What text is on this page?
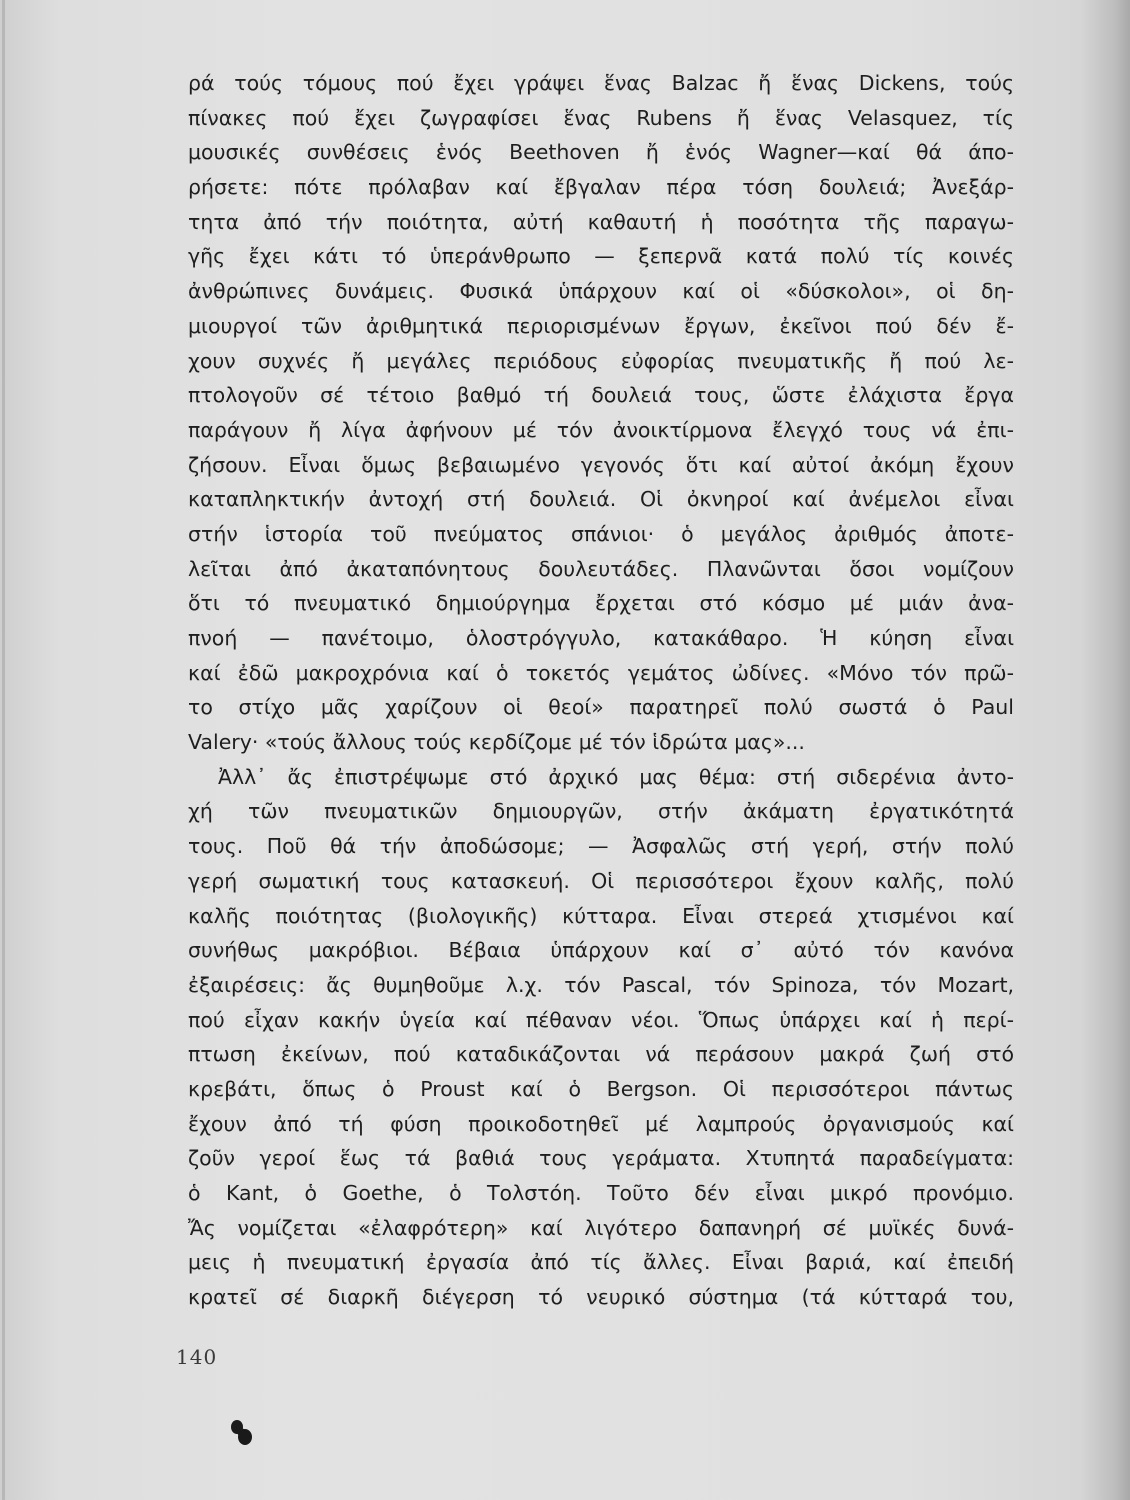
ρά τούς τόμους πού ἔχει γράψει ἕνας Balzac ἤ ἕνας Dickens, τούς
πίνακες πού ἔχει ζωγραφίσει ἕνας Rubens ἤ ἕνας Velasquez, τίς
μουσικές συνθέσεις ἑνός Beethoven ἤ ἑνός Wagner—καί θά άπο-
ρήσετε: πότε πρόλαβαν καί ἔβγαλαν πέρα τόση δουλειά; Ἀνεξάρ-
τητα ἀπό τήν ποιότητα, αὐτή καθαυτή ἡ ποσότητα τῆς παραγω-
γῆς ἔχει κάτι τό ὑπεράνθρωπο — ξεπερνᾶ κατά πολύ τίς κοινές
ἀνθρώπινες δυνάμεις. Φυσικά ὑπάρχουν καί οἱ «δύσκολοι», οἱ δη-
μιουργοί τῶν ἀριθμητικά περιορισμένων ἔργων, ἐκεῖνοι πού δέν ἔ-
χουν συχνές ἤ μεγάλες περιόδους εὐφορίας πνευματικῆς ἤ πού λε-
πτολογοῦν σέ τέτοιο βαθμό τή δουλειά τους, ὥστε ἐλάχιστα ἔργα
παράγουν ἤ λίγα ἀφήνουν μέ τόν ἀνοικτίρμονα ἔλεγχό τους νά ἐπι-
ζήσουν. Εἶναι ὅμως βεβαιωμένο γεγονός ὅτι καί αὐτοί ἀκόμη ἔχουν
καταπληκτικήν ἀντοχή στή δουλειά. Οἱ ὀκνηροί καί ἀνέμελοι εἶναι
στήν ἱστορία τοῦ πνεύματος σπάνιοι· ὁ μεγάλος ἀριθμός ἀποτε-
λεῖται ἀπό ἀκαταπόνητους δουλευτάδες. Πλανῶνται ὅσοι νομίζουν
ὅτι τό πνευματικό δημιούργημα ἔρχεται στό κόσμο μέ μιάν ἀνα-
πνοή — πανέτοιμο, ὁλοστρόγγυλο, κατακάθαρο. Ἡ κύηση εἶναι
καί ἐδῶ μακροχρόνια καί ὁ τοκετός γεμάτος ὠδίνες. «Μόνο τόν πρῶ-
το στίχο μᾶς χαρίζουν οἱ θεοί» παρατηρεῖ πολύ σωστά ὁ Paul
Valery· «τούς ἄλλους τούς κερδίζομε μέ τόν ἱδρώτα μας»...
Ἀλλ᾽ ἄς ἐπιστρέψωμε στό ἀρχικό μας θέμα: στή σιδερένια ἀντο-
χή τῶν πνευματικῶν δημιουργῶν, στήν ἀκάματη ἐργατικότητά
τους. Ποῦ θά τήν ἀποδώσομε; — Ἀσφαλῶς στή γερή, στήν πολύ
γερή σωματική τους κατασκευή. Οἱ περισσότεροι ἔχουν καλῆς, πολύ
καλῆς ποιότητας (βιολογικῆς) κύτταρα. Εἶναι στερεά χτισμένοι καί
συνήθως μακρόβιοι. Βέβαια ὑπάρχουν καί σ᾽ αὐτό τόν κανόνα
ἐξαιρέσεις: ἄς θυμηθοῦμε λ.χ. τόν Pascal, τόν Spinoza, τόν Mozart,
πού εἶχαν κακήν ὑγεία καί πέθαναν νέοι. Ὅπως ὑπάρχει καί ἡ περί-
πτωση ἐκείνων, πού καταδικάζονται νά περάσουν μακρά ζωή στό
κρεβάτι, ὅπως ὁ Proust καί ὁ Bergson. Οἱ περισσότεροι πάντως
ἔχουν ἀπό τή φύση προικοδοτηθεῖ μέ λαμπρούς ὀργανισμούς καί
ζοῦν γεροί ἕως τά βαθιά τους γεράματα. Χτυπητά παραδείγματα:
ὁ Kant, ὁ Goethe, ὁ Τολστόη. Τοῦτο δέν εἶναι μικρό προνόμιο.
Ἄς νομίζεται «ἐλαφρότερη» καί λιγότερο δαπανηρή σέ μυϊκές δυνά-
μεις ἡ πνευματική ἐργασία ἀπό τίς ἄλλες. Εἶναι βαριά, καί ἐπειδή
κρατεῖ σέ διαρκῆ διέγερση τό νευρικό σύστημα (τά κύτταρά του,
140
